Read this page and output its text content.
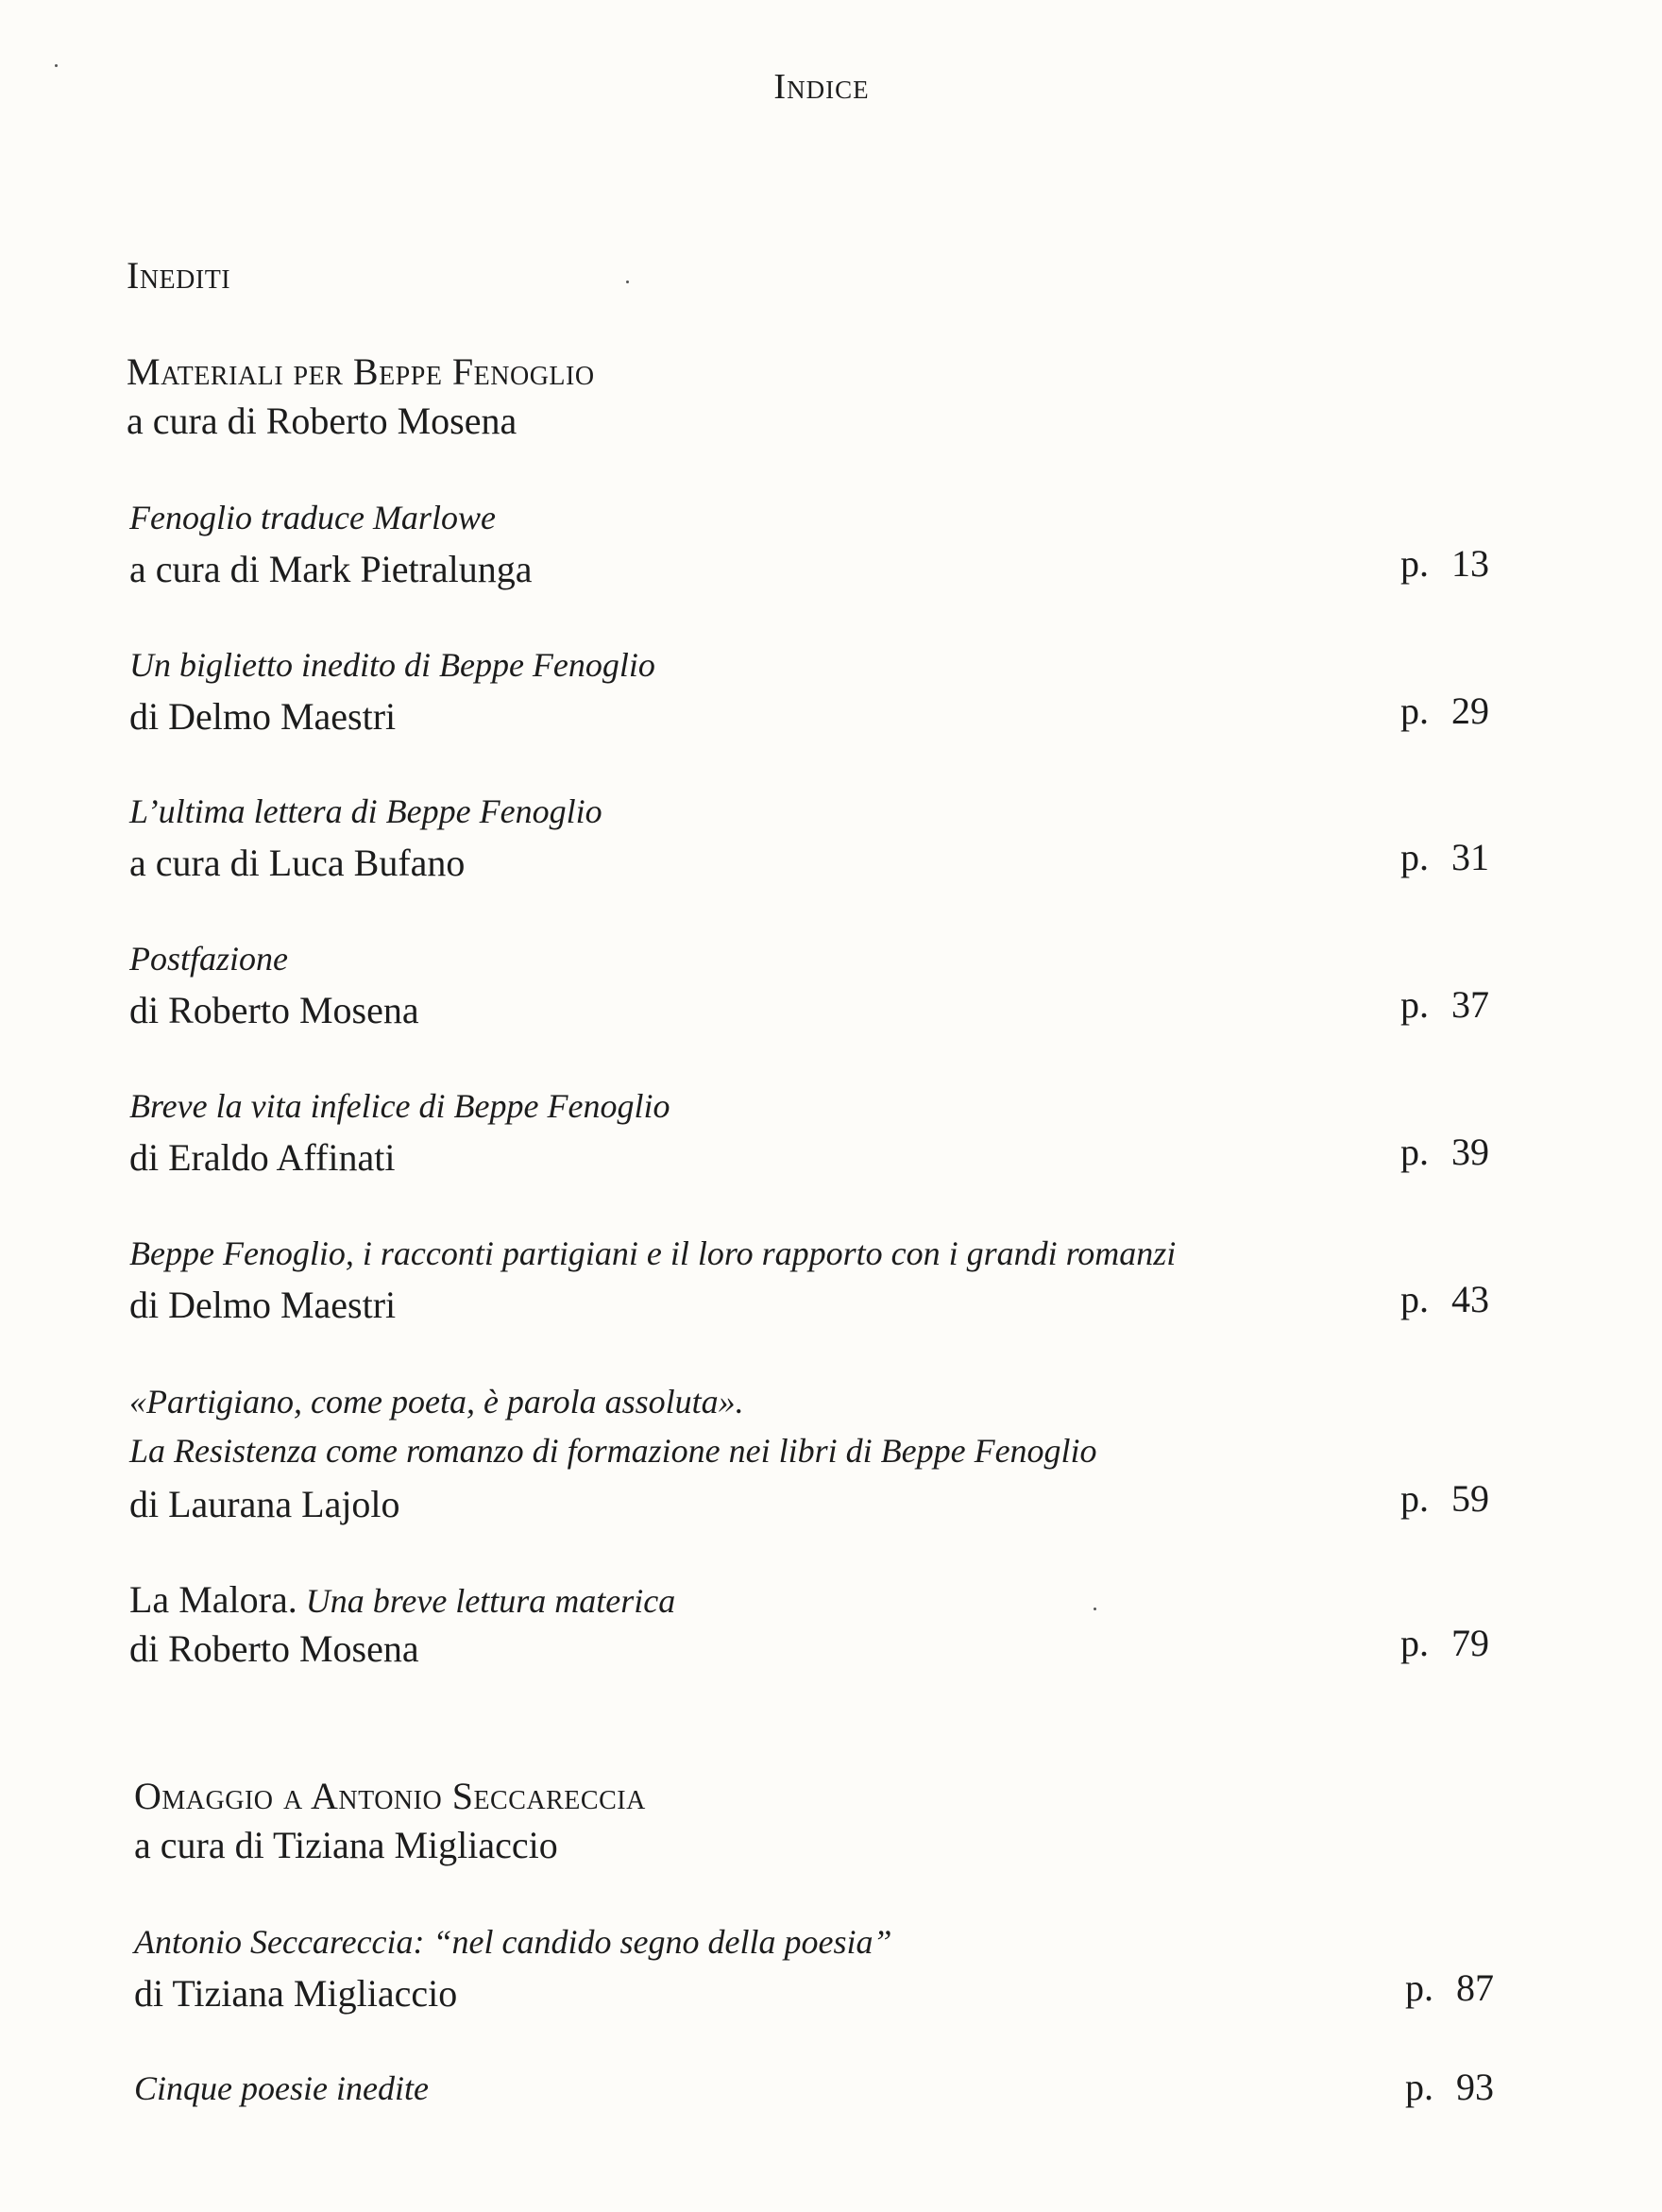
Indice
Inediti
Materiali per Beppe Fenoglio
a cura di Roberto Mosena
Fenoglio traduce Marlowe
a cura di Mark Pietralunga	p. 13
Un biglietto inedito di Beppe Fenoglio
di Delmo Maestri	p. 29
L’ultima lettera di Beppe Fenoglio
a cura di Luca Bufano	p. 31
Postfazione
di Roberto Mosena	p. 37
Breve la vita infelice di Beppe Fenoglio
di Eraldo Affinati	p. 39
Beppe Fenoglio, i racconti partigiani e il loro rapporto con i grandi romanzi
di Delmo Maestri	p. 43
«Partigiano, come poeta, è parola assoluta».
La Resistenza come romanzo di formazione nei libri di Beppe Fenoglio
di Laurana Lajolo	p. 59
La Malora. Una breve lettura materica
di Roberto Mosena	p. 79
Omaggio a Antonio Seccareccia
a cura di Tiziana Migliaccio
Antonio Seccareccia: “nel candido segno della poesia”
di Tiziana Migliaccio	p. 87
Cinque poesie inedite	p. 93
